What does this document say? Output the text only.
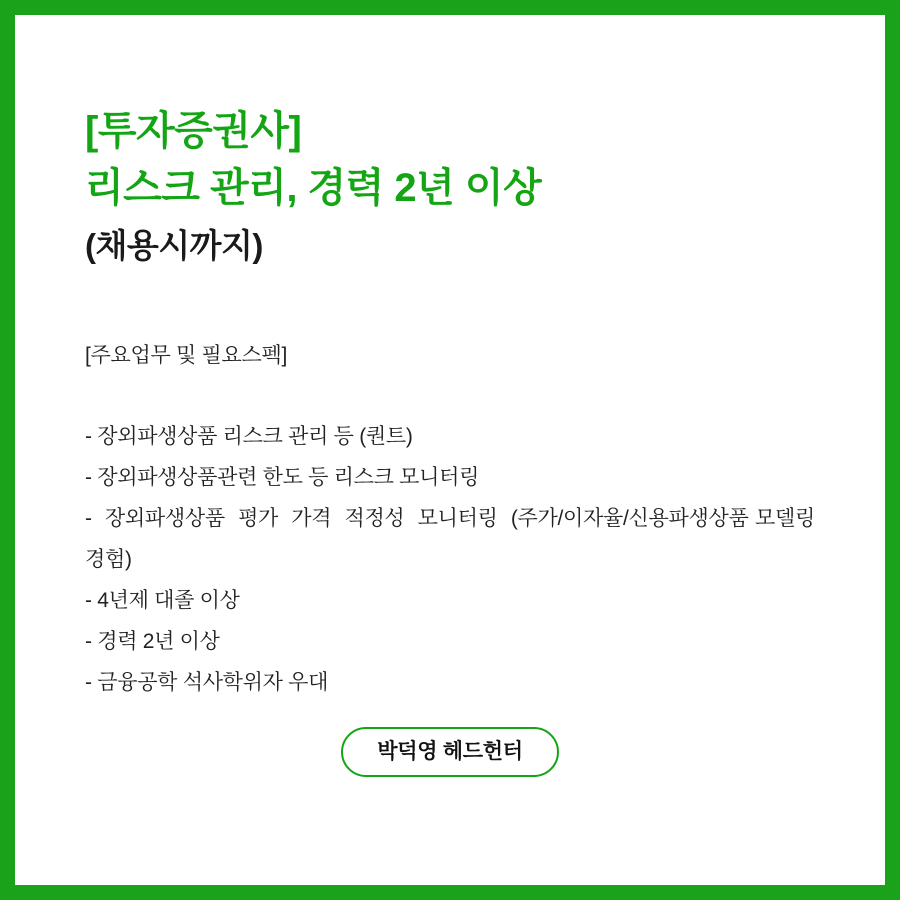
[투자증권사]
리스크 관리, 경력 2년 이상
(채용시까지)
[주요업무 및 필요스펙]
- 장외파생상품 리스크 관리 등 (퀀트)
- 장외파생상품관련 한도 등 리스크 모니터링
-  장외파생상품  평가  가격  적정성  모니터링  (주가/이자율/신용파생상품 모델링 경험)
- 4년제 대졸 이상
- 경력 2년 이상
- 금융공학 석사학위자 우대
박덕영 헤드헌터
